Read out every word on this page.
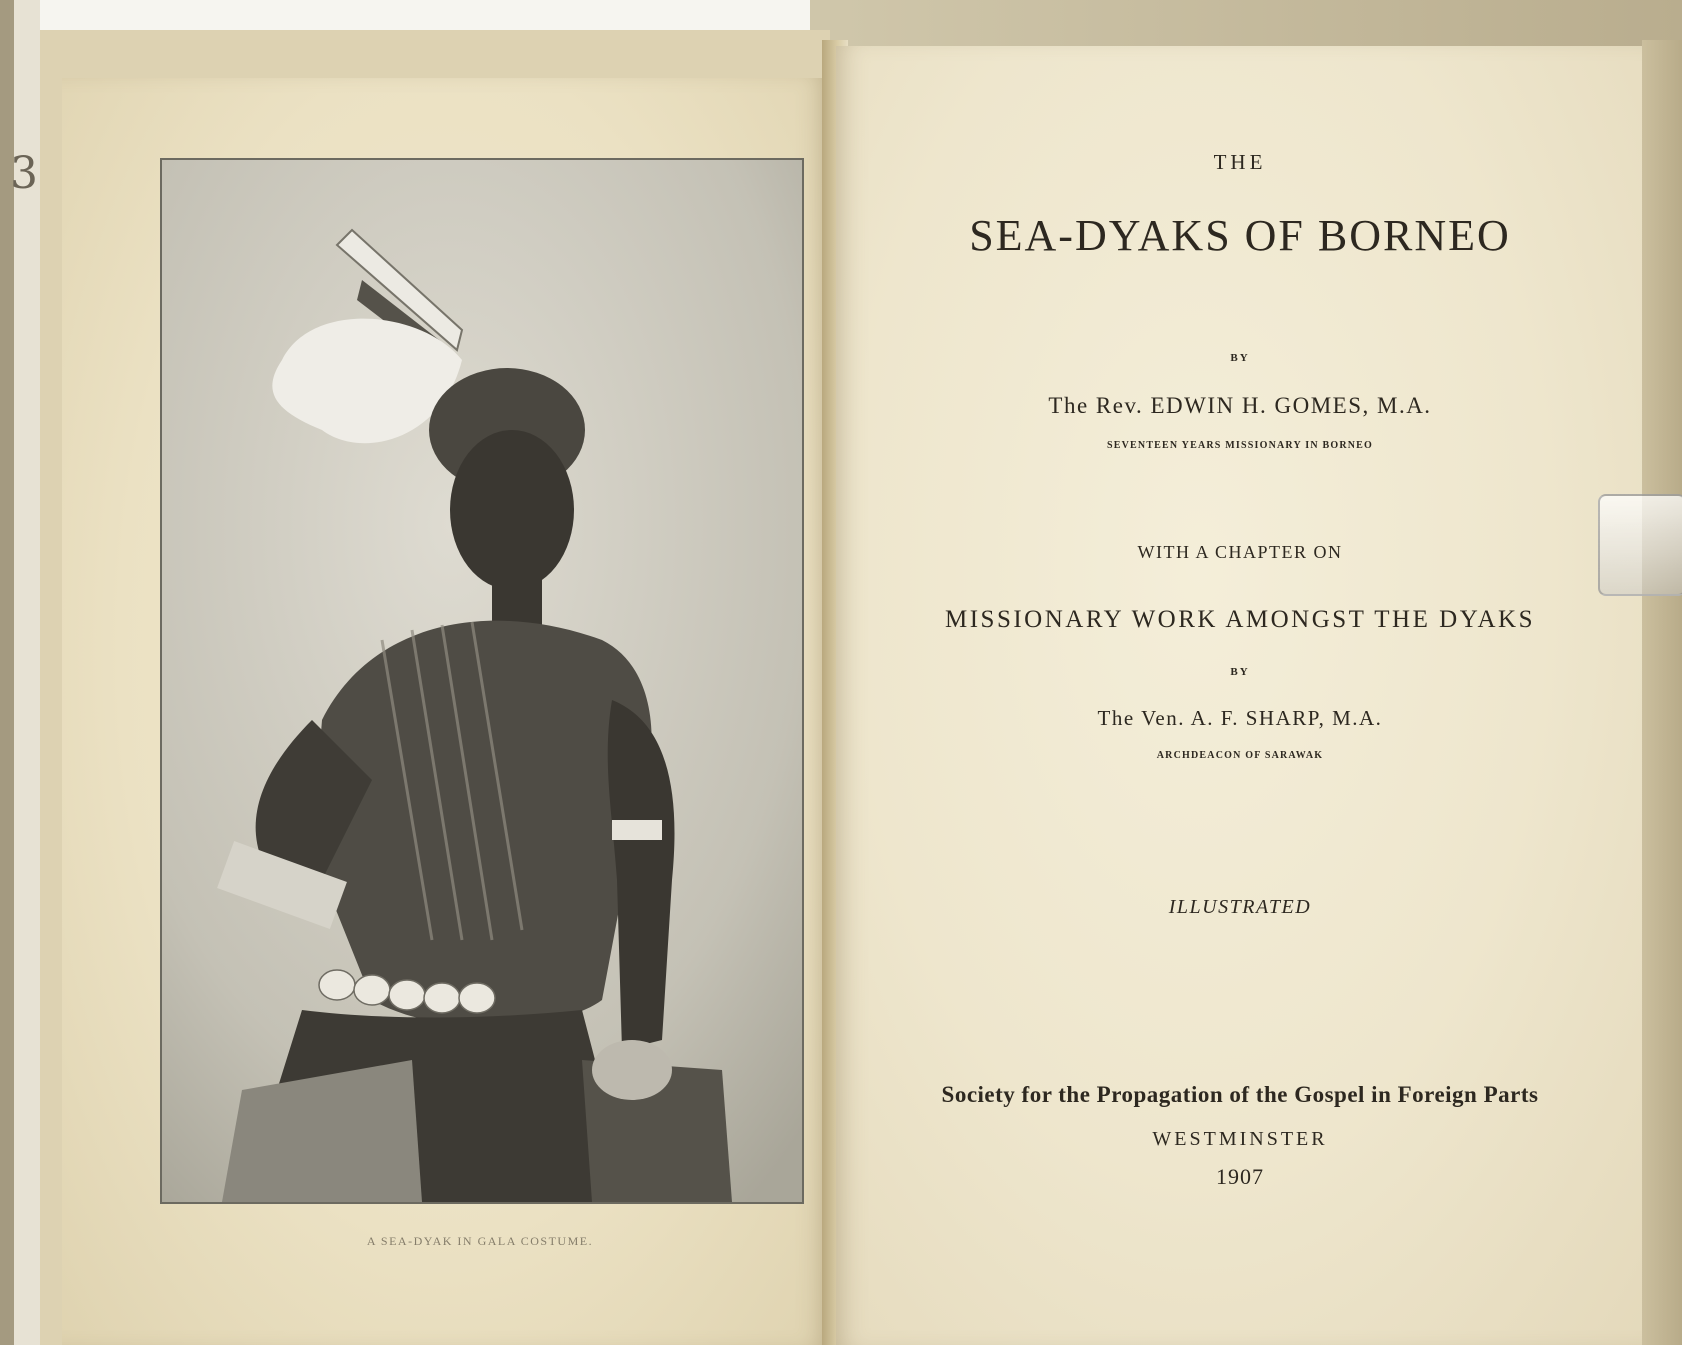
3
A SEA-DYAK IN GALA COSTUME.
THE
SEA-DYAKS OF BORNEO
BY
The Rev. EDWIN H. GOMES, M.A.
SEVENTEEN YEARS MISSIONARY IN BORNEO
WITH A CHAPTER ON
MISSIONARY WORK AMONGST THE DYAKS
BY
The Ven. A. F. SHARP, M.A.
ARCHDEACON OF SARAWAK
ILLUSTRATED
Society for the Propagation of the Gospel in Foreign Parts
WESTMINSTER
1907
